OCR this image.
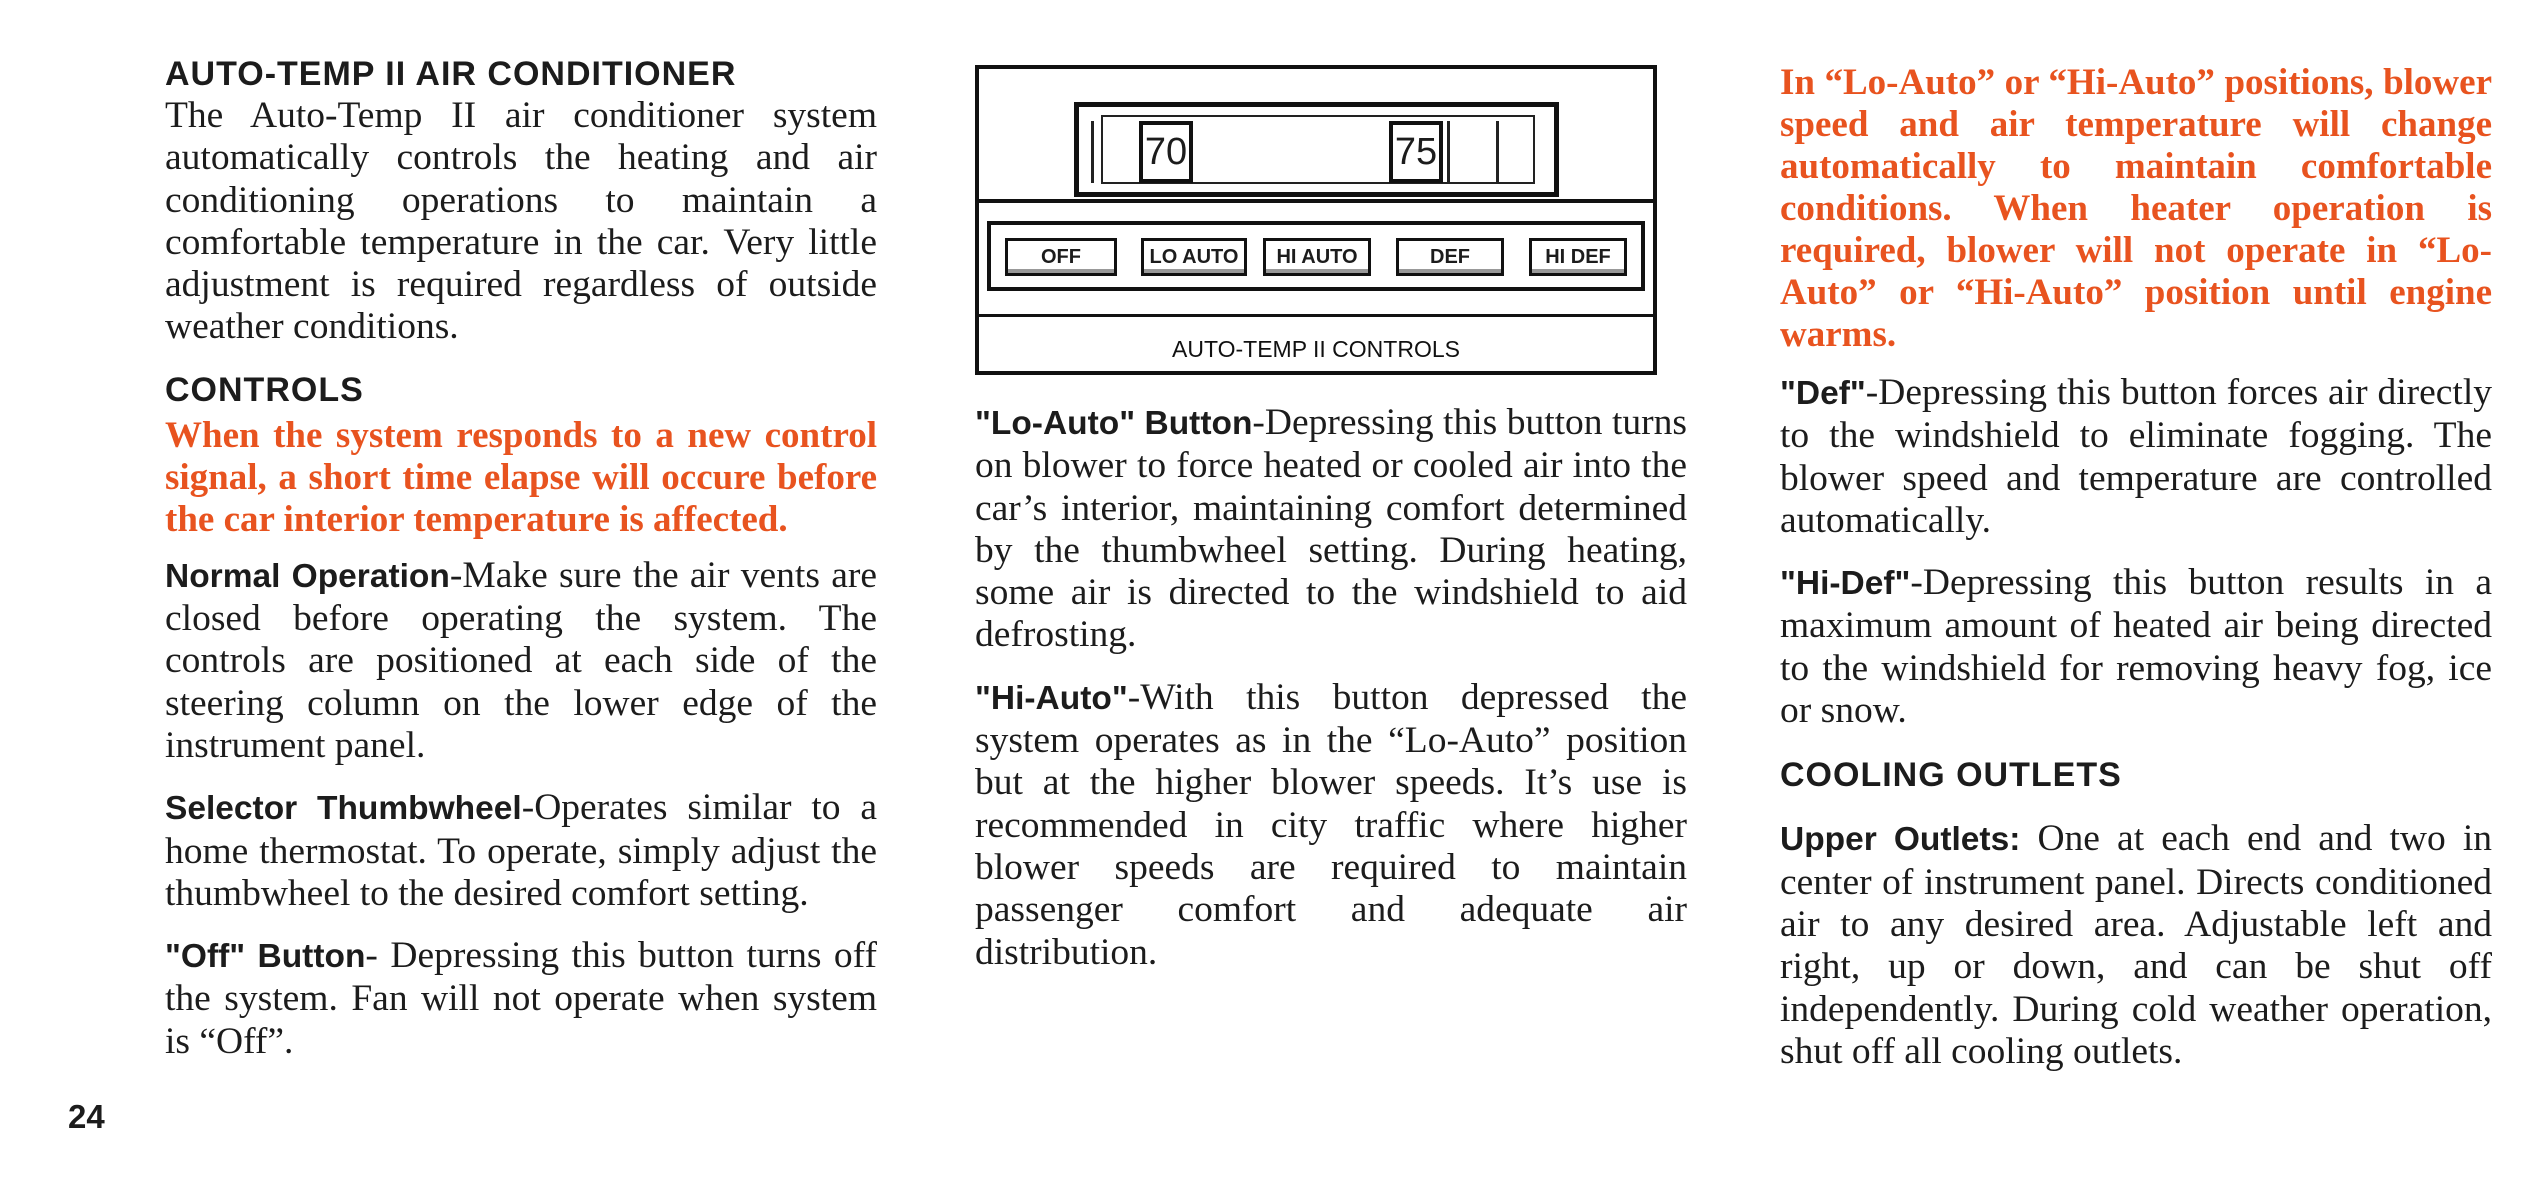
AUTO-TEMP II AIR CONDITIONER

The Auto-Temp II air conditioner system automatically controls the heating and air conditioning operations to maintain a comfortable temperature in the car. Very little adjustment is required regardless of outside weather conditions.

CONTROLS

When the system responds to a new control signal, a short time elapse will occure before the car interior temperature is affected.

Normal Operation-Make sure the air vents are closed before operating the system. The controls are positioned at each side of the steering column on the lower edge of the instrument panel.

Selector Thumbwheel-Operates similar to a home thermostat. To operate, simply adjust the thumbwheel to the desired comfort setting.

"Off" Button- Depressing this button turns off the system. Fan will not operate when system is “Off”.

24
70	75
OFF	LO AUTO	HI AUTO	DEF	HI DEF
AUTO-TEMP II CONTROLS

"Lo-Auto" Button-Depressing this button turns on blower to force heated or cooled air into the car’s interior, maintaining comfort determined by the thumbwheel setting. During heating, some air is directed to the windshield to aid defrosting.

"Hi-Auto"-With this button depressed the system operates as in the “Lo-Auto” position but at the higher blower speeds. It’s use is recommended in city traffic where higher blower speeds are required to maintain passenger comfort and adequate air distribution.

In “Lo-Auto” or “Hi-Auto” positions, blower speed and air temperature will change automatically to maintain comfortable conditions. When heater operation is required, blower will not operate in “Lo-Auto” or “Hi-Auto” position until engine warms.

"Def"-Depressing this button forces air directly to the windshield to eliminate fogging. The blower speed and temperature are controlled automatically.

"Hi-Def"-Depressing this button results in a maximum amount of heated air being directed to the windshield for removing heavy fog, ice or snow.

COOLING OUTLETS

Upper Outlets: One at each end and two in center of instrument panel. Directs conditioned air to any desired area. Adjustable left and right, up or down, and can be shut off independently. During cold weather operation, shut off all cooling outlets.
